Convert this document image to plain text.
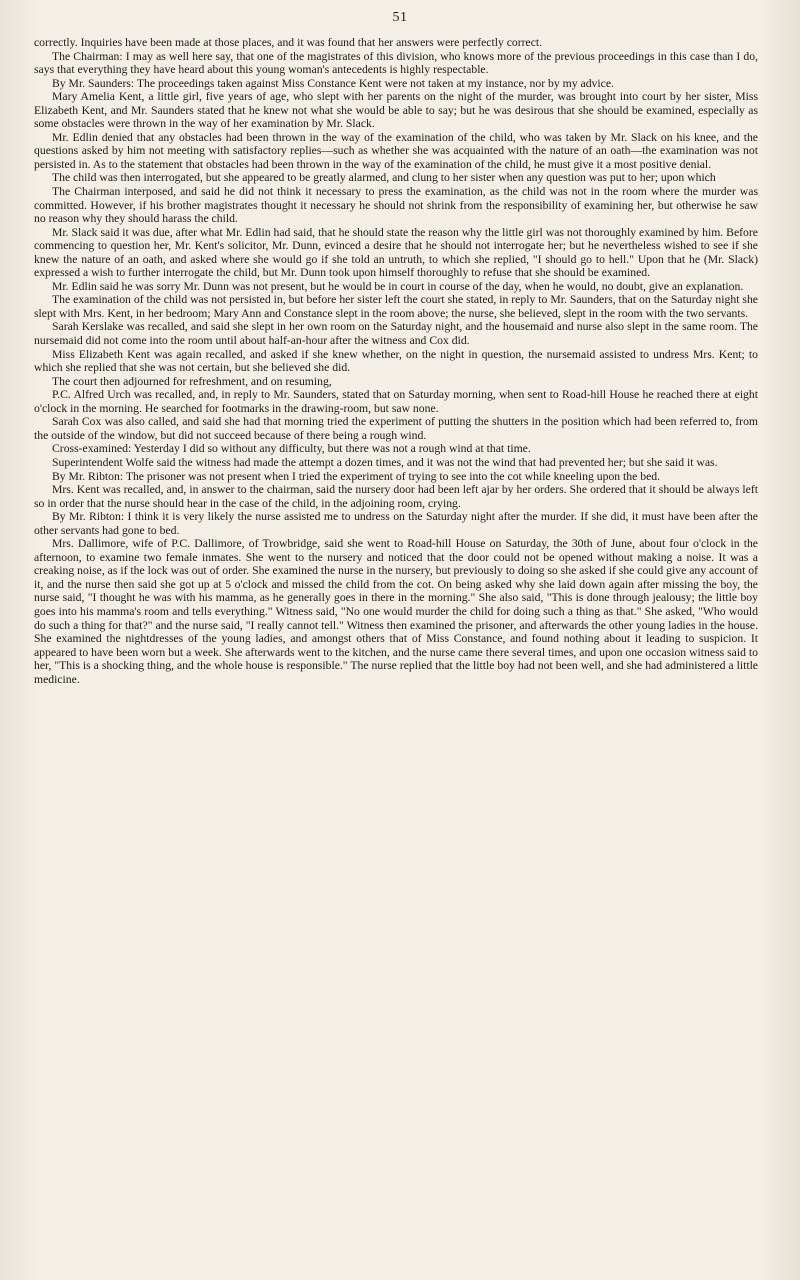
51

correctly. Inquiries have been made at those places, and it was found that her answers were perfectly correct.

The Chairman: I may as well here say, that one of the magistrates of this division, who knows more of the previous proceedings in this case than I do, says that everything they have heard about this young woman's antecedents is highly respectable.

By Mr. Saunders: The proceedings taken against Miss Constance Kent were not taken at my instance, nor by my advice.

Mary Amelia Kent, a little girl, five years of age, who slept with her parents on the night of the murder, was brought into court by her sister, Miss Elizabeth Kent, and Mr. Saunders stated that he knew not what she would be able to say; but he was desirous that she should be examined, especially as some obstacles were thrown in the way of her examination by Mr. Slack.

Mr. Edlin denied that any obstacles had been thrown in the way of the examination of the child, who was taken by Mr. Slack on his knee, and the questions asked by him not meeting with satisfactory replies—such as whether she was acquainted with the nature of an oath—the examination was not persisted in. As to the statement that obstacles had been thrown in the way of the examination of the child, he must give it a most positive denial.

The child was then interrogated, but she appeared to be greatly alarmed, and clung to her sister when any question was put to her; upon which

The Chairman interposed, and said he did not think it necessary to press the examination, as the child was not in the room where the murder was committed. However, if his brother magistrates thought it necessary he should not shrink from the responsibility of examining her, but otherwise he saw no reason why they should harass the child.

Mr. Slack said it was due, after what Mr. Edlin had said, that he should state the reason why the little girl was not thoroughly examined by him. Before commencing to question her, Mr. Kent's solicitor, Mr. Dunn, evinced a desire that he should not interrogate her; but he nevertheless wished to see if she knew the nature of an oath, and asked where she would go if she told an untruth, to which she replied, "I should go to hell." Upon that he (Mr. Slack) expressed a wish to further interrogate the child, but Mr. Dunn took upon himself thoroughly to refuse that she should be examined.

Mr. Edlin said he was sorry Mr. Dunn was not present, but he would be in court in course of the day, when he would, no doubt, give an explanation.

The examination of the child was not persisted in, but before her sister left the court she stated, in reply to Mr. Saunders, that on the Saturday night she slept with Mrs. Kent, in her bedroom; Mary Ann and Constance slept in the room above; the nurse, she believed, slept in the room with the two servants.

Sarah Kerslake was recalled, and said she slept in her own room on the Saturday night, and the housemaid and nurse also slept in the same room. The nursemaid did not come into the room until about half-an-hour after the witness and Cox did.

Miss Elizabeth Kent was again recalled, and asked if she knew whether, on the night in question, the nursemaid assisted to undress Mrs. Kent; to which she replied that she was not certain, but she believed she did.

The court then adjourned for refreshment, and on resuming,

P.C. Alfred Urch was recalled, and, in reply to Mr. Saunders, stated that on Saturday morning, when sent to Road-hill House he reached there at eight o'clock in the morning. He searched for footmarks in the drawing-room, but saw none.

Sarah Cox was also called, and said she had that morning tried the experiment of putting the shutters in the position which had been referred to, from the outside of the window, but did not succeed because of there being a rough wind.

Cross-examined: Yesterday I did so without any difficulty, but there was not a rough wind at that time.

Superintendent Wolfe said the witness had made the attempt a dozen times, and it was not the wind that had prevented her; but she said it was.

By Mr. Ribton: The prisoner was not present when I tried the experiment of trying to see into the cot while kneeling upon the bed.

Mrs. Kent was recalled, and, in answer to the chairman, said the nursery door had been left ajar by her orders. She ordered that it should be always left so in order that the nurse should hear in the case of the child, in the adjoining room, crying.

By Mr. Ribton: I think it is very likely the nurse assisted me to undress on the Saturday night after the murder. If she did, it must have been after the other servants had gone to bed.

Mrs. Dallimore, wife of P.C. Dallimore, of Trowbridge, said she went to Road-hill House on Saturday, the 30th of June, about four o'clock in the afternoon, to examine two female inmates. She went to the nursery and noticed that the door could not be opened without making a noise. It was a creaking noise, as if the lock was out of order. She examined the nurse in the nursery, but previously to doing so she asked if she could give any account of it, and the nurse then said she got up at 5 o'clock and missed the child from the cot. On being asked why she laid down again after missing the boy, the nurse said, "I thought he was with his mamma, as he generally goes in there in the morning." She also said, "This is done through jealousy; the little boy goes into his mamma's room and tells everything." Witness said, "No one would murder the child for doing such a thing as that." She asked, "Who would do such a thing for that?" and the nurse said, "I really cannot tell." Witness then examined the prisoner, and afterwards the other young ladies in the house. She examined the nightdresses of the young ladies, and amongst others that of Miss Constance, and found nothing about it leading to suspicion. It appeared to have been worn but a week. She afterwards went to the kitchen, and the nurse came there several times, and upon one occasion witness said to her, "This is a shocking thing, and the whole house is responsible." The nurse replied that the little boy had not been well, and she had administered a little medicine.
